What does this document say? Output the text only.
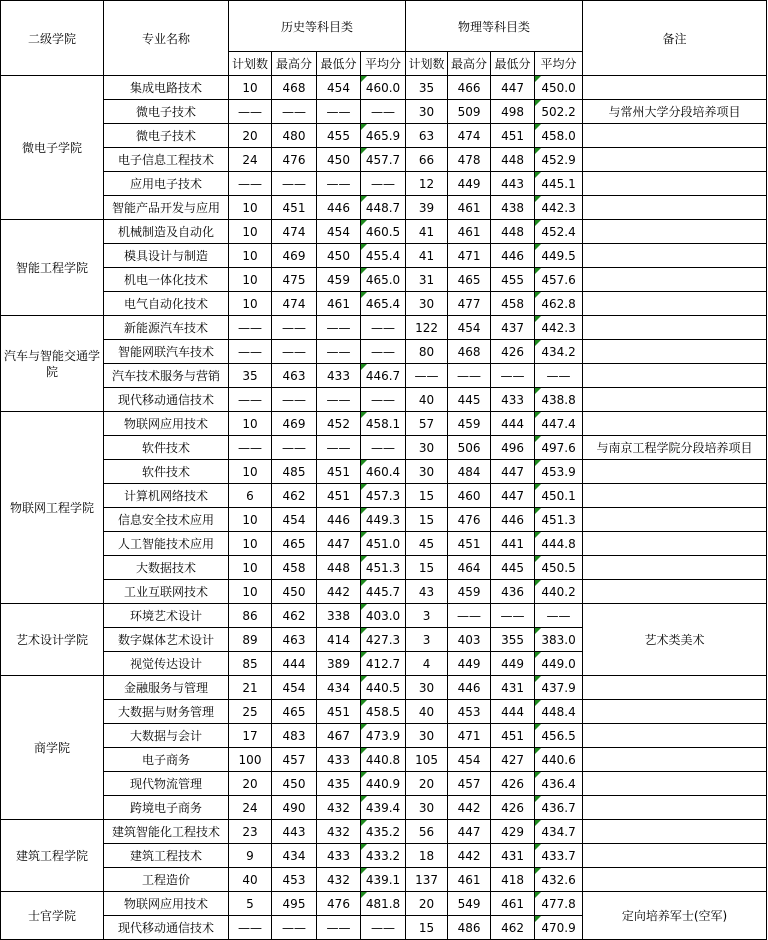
二级学院	专业名称	历史等科目类				物理等科目类				备注
		计划数	最高分	最低分	平均分	计划数	最高分	最低分	平均分	
微电子学院	集成电路技术	10	468	454	460.0	35	466	447	450.0	
	微电子技术	——	——	——	——	30	509	498	502.2	与常州大学分段培养项目
	微电子技术	20	480	455	465.9	63	474	451	458.0	
	电子信息工程技术	24	476	450	457.7	66	478	448	452.9	
	应用电子技术	——	——	——	——	12	449	443	445.1	
	智能产品开发与应用	10	451	446	448.7	39	461	438	442.3	
智能工程学院	机械制造及自动化	10	474	454	460.5	41	461	448	452.4	
	模具设计与制造	10	469	450	455.4	41	471	446	449.5	
	机电一体化技术	10	475	459	465.0	31	465	455	457.6	
	电气自动化技术	10	474	461	465.4	30	477	458	462.8	
汽车与智能交通学院	新能源汽车技术	——	——	——	——	122	454	437	442.3	
	智能网联汽车技术	——	——	——	——	80	468	426	434.2	
	汽车技术服务与营销	35	463	433	446.7	——	——	——	——	
	现代移动通信技术	——	——	——	——	40	445	433	438.8	
物联网工程学院	物联网应用技术	10	469	452	458.1	57	459	444	447.4	
	软件技术	——	——	——	——	30	506	496	497.6	与南京工程学院分段培养项目
	软件技术	10	485	451	460.4	30	484	447	453.9	
	计算机网络技术	6	462	451	457.3	15	460	447	450.1	
	信息安全技术应用	10	454	446	449.3	15	476	446	451.3	
	人工智能技术应用	10	465	447	451.0	45	451	441	444.8	
	大数据技术	10	458	448	451.3	15	464	445	450.5	
	工业互联网技术	10	450	442	445.7	43	459	436	440.2	
艺术设计学院	环境艺术设计	86	462	338	403.0	3	——	——	——	艺术类美术
	数字媒体艺术设计	89	463	414	427.3	3	403	355	383.0	
	视觉传达设计	85	444	389	412.7	4	449	449	449.0	
商学院	金融服务与管理	21	454	434	440.5	30	446	431	437.9	
	大数据与财务管理	25	465	451	458.5	40	453	444	448.4	
	大数据与会计	17	483	467	473.9	30	471	451	456.5	
	电子商务	100	457	433	440.8	105	454	427	440.6	
	现代物流管理	20	450	435	440.9	20	457	426	436.4	
	跨境电子商务	24	490	432	439.4	30	442	426	436.7	
建筑工程学院	建筑智能化工程技术	23	443	432	435.2	56	447	429	434.7	
	建筑工程技术	9	434	433	433.2	18	442	431	433.7	
	工程造价	40	453	432	439.1	137	461	418	432.6	
士官学院	物联网应用技术	5	495	476	481.8	20	549	461	477.8	定向培养军士(空军)
	现代移动通信技术	——	——	——	——	15	486	462	470.9	
